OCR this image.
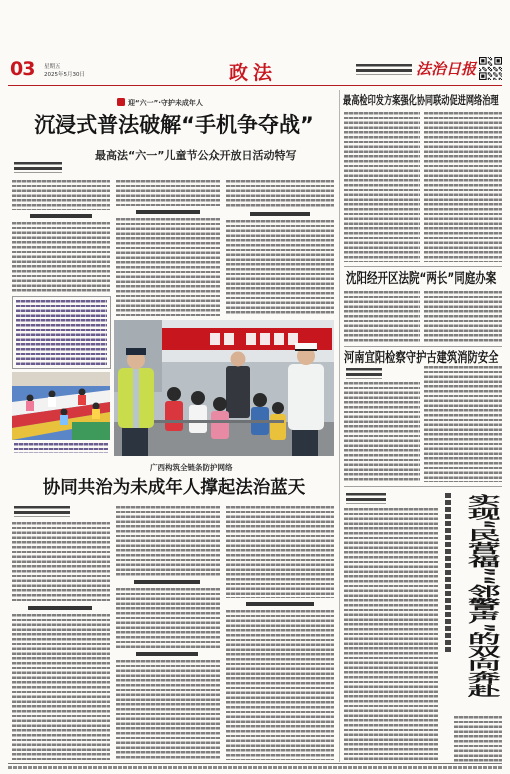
03 星期五
2025年5月30日	政法	法治日报
迎“六一”·守护未成年人
沉浸式普法破解“手机争夺战”
最高法“六一”儿童节公众开放日活动特写
广西构筑全链条防护网络
协同共治为未成年人撑起法治蓝天
最高检印发方案强化协同联动促进网络治理
沈阳经开区法院“两长”同庭办案
河南宜阳检察守护古建筑消防安全
实现“民营福”“邻警声”的双向奔赴
